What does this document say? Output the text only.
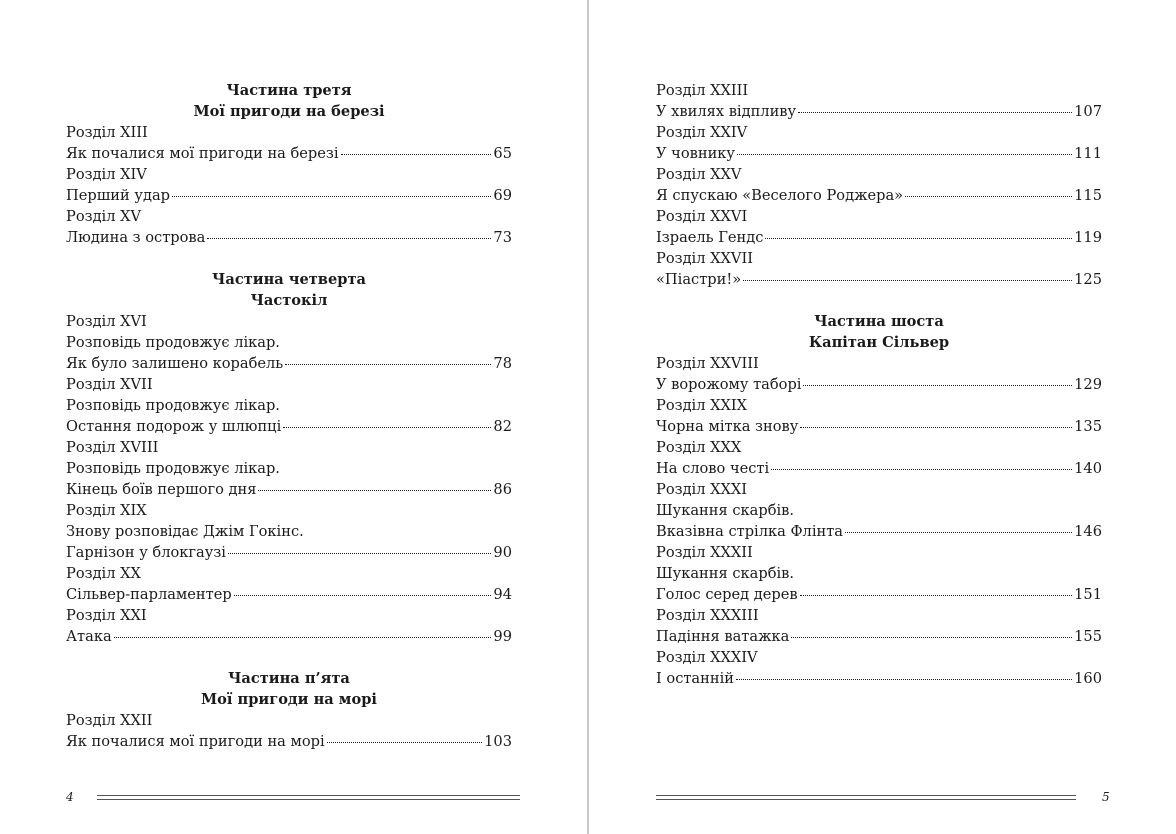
Частина третя
Мої пригоди на березі
Розділ XIII
Як почалися мої пригоди на березі	65
Розділ XIV
Перший удар	69
Розділ XV
Людина з острова	73
Частина четверта
Частокіл
Розділ XVI
Розповідь продовжує лікар.
Як було залишено корабель	78
Розділ XVII
Розповідь продовжує лікар.
Остання подорож у шлюпці	82
Розділ XVIII
Розповідь продовжує лікар.
Кінець боїв першого дня	86
Розділ XIX
Знову розповідає Джім Гокінс.
Гарнізон у блокгаузі	90
Розділ XX
Сільвер-парламентер	94
Розділ XXI
Атака	99
Частина п’ята
Мої пригоди на морі
Розділ XXII
Як почалися мої пригоди на морі	103
4
Розділ XXIII
У хвилях відпливу	107
Розділ XXIV
У човнику	111
Розділ XXV
Я спускаю «Веселого Роджера»	115
Розділ XXVI
Ізраель Гендс	119
Розділ XXVII
«Піастри!»	125
Частина шоста
Капітан Сільвер
Розділ XXVIII
У ворожому таборі	129
Розділ XXIX
Чорна мітка знову	135
Розділ XXX
На слово честі	140
Розділ XXXI
Шукання скарбів.
Вказівна стрілка Флінта	146
Розділ XXXII
Шукання скарбів.
Голос серед дерев	151
Розділ XXXIII
Падіння ватажка	155
Розділ XXXIV
І останній	160
5
